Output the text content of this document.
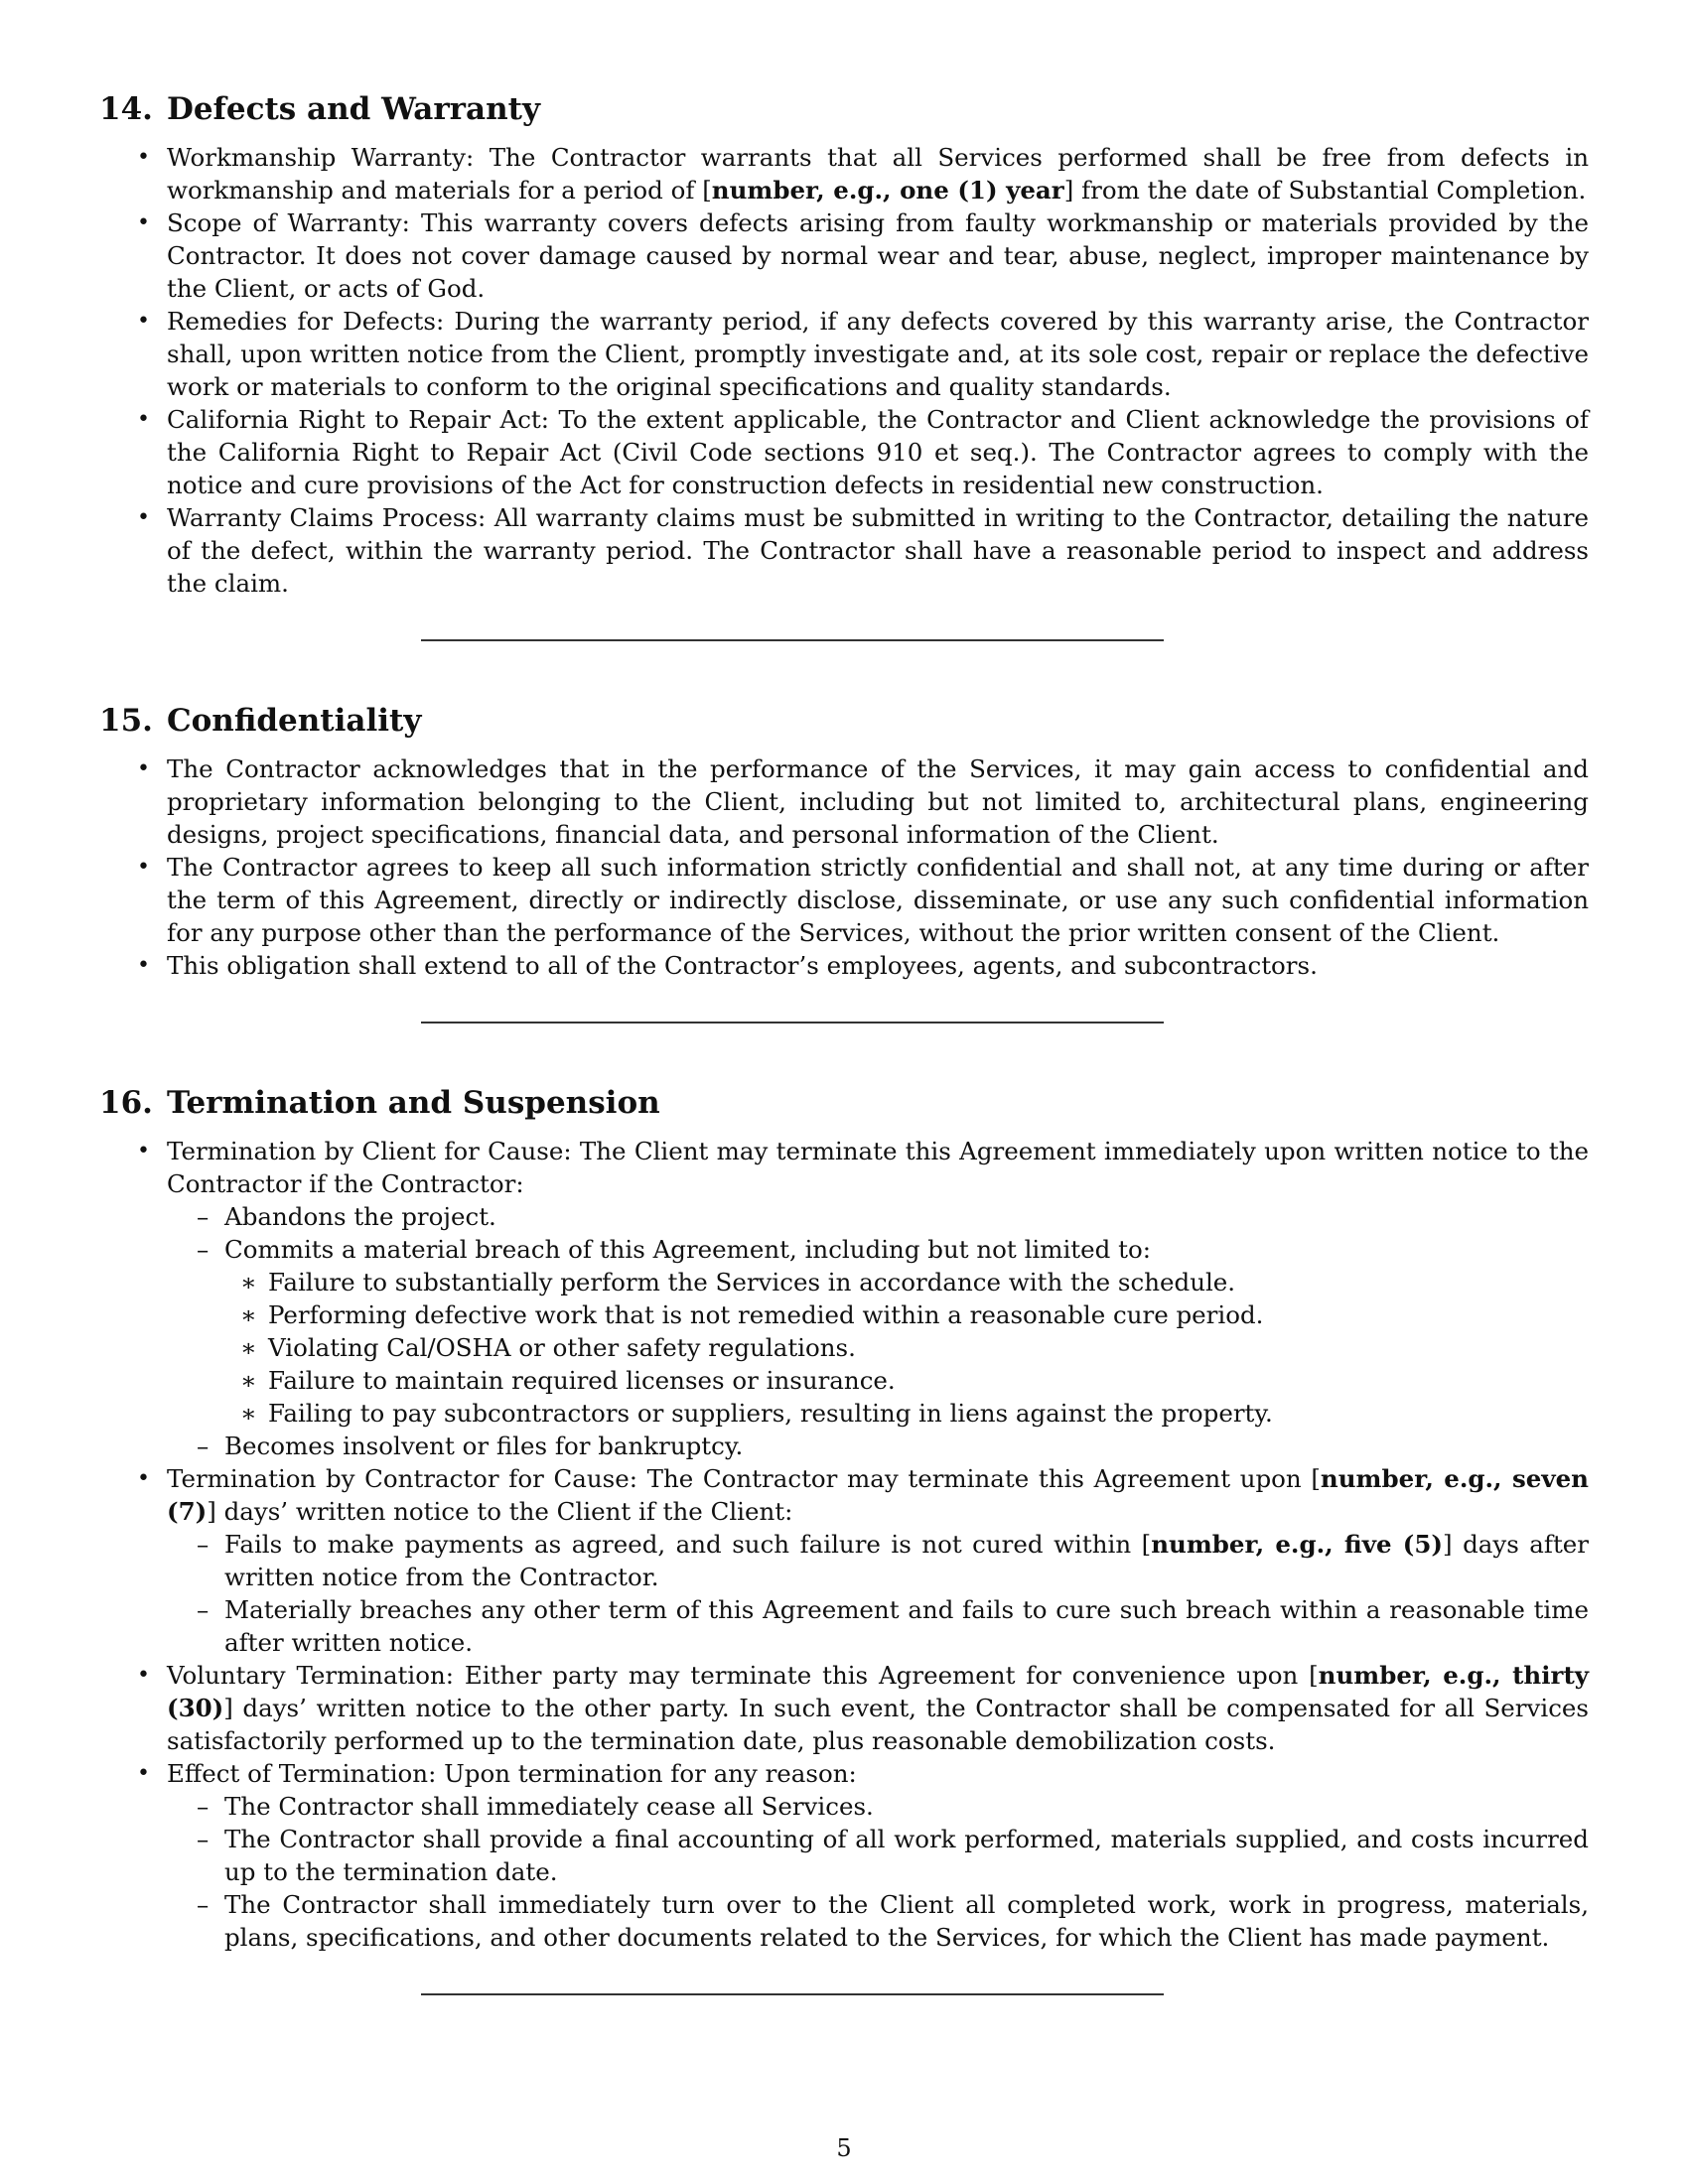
14. Defects and Warranty
• Workmanship Warranty: The Contractor warrants that all Services performed shall be free from defects in workmanship and materials for a period of [number, e.g., one (1) year] from the date of Substantial Completion.
• Scope of Warranty: This warranty covers defects arising from faulty workmanship or materials provided by the Contractor. It does not cover damage caused by normal wear and tear, abuse, neglect, improper maintenance by the Client, or acts of God.
• Remedies for Defects: During the warranty period, if any defects covered by this warranty arise, the Contractor shall, upon written notice from the Client, promptly investigate and, at its sole cost, repair or replace the defective work or materials to conform to the original specifications and quality standards.
• California Right to Repair Act: To the extent applicable, the Contractor and Client acknowledge the provisions of the California Right to Repair Act (Civil Code sections 910 et seq.). The Contractor agrees to comply with the notice and cure provisions of the Act for construction defects in residential new construction.
• Warranty Claims Process: All warranty claims must be submitted in writing to the Contractor, detailing the nature of the defect, within the warranty period. The Contractor shall have a reasonable period to inspect and address the claim.
15. Confidentiality
• The Contractor acknowledges that in the performance of the Services, it may gain access to confidential and proprietary information belonging to the Client, including but not limited to, architectural plans, engineering designs, project specifications, financial data, and personal information of the Client.
• The Contractor agrees to keep all such information strictly confidential and shall not, at any time during or after the term of this Agreement, directly or indirectly disclose, disseminate, or use any such confidential information for any purpose other than the performance of the Services, without the prior written consent of the Client.
• This obligation shall extend to all of the Contractor’s employees, agents, and subcontractors.
16. Termination and Suspension
• Termination by Client for Cause: The Client may terminate this Agreement immediately upon written notice to the Contractor if the Contractor:
– Abandons the project.
– Commits a material breach of this Agreement, including but not limited to:
∗ Failure to substantially perform the Services in accordance with the schedule.
∗ Performing defective work that is not remedied within a reasonable cure period.
∗ Violating Cal/OSHA or other safety regulations.
∗ Failure to maintain required licenses or insurance.
∗ Failing to pay subcontractors or suppliers, resulting in liens against the property.
– Becomes insolvent or files for bankruptcy.
• Termination by Contractor for Cause: The Contractor may terminate this Agreement upon [number, e.g., seven (7)] days’ written notice to the Client if the Client:
– Fails to make payments as agreed, and such failure is not cured within [number, e.g., five (5)] days after written notice from the Contractor.
– Materially breaches any other term of this Agreement and fails to cure such breach within a reasonable time after written notice.
• Voluntary Termination: Either party may terminate this Agreement for convenience upon [number, e.g., thirty (30)] days’ written notice to the other party. In such event, the Contractor shall be compensated for all Services satisfactorily performed up to the termination date, plus reasonable demobilization costs.
• Effect of Termination: Upon termination for any reason:
– The Contractor shall immediately cease all Services.
– The Contractor shall provide a final accounting of all work performed, materials supplied, and costs incurred up to the termination date.
– The Contractor shall immediately turn over to the Client all completed work, work in progress, materials, plans, specifications, and other documents related to the Services, for which the Client has made payment.
5
